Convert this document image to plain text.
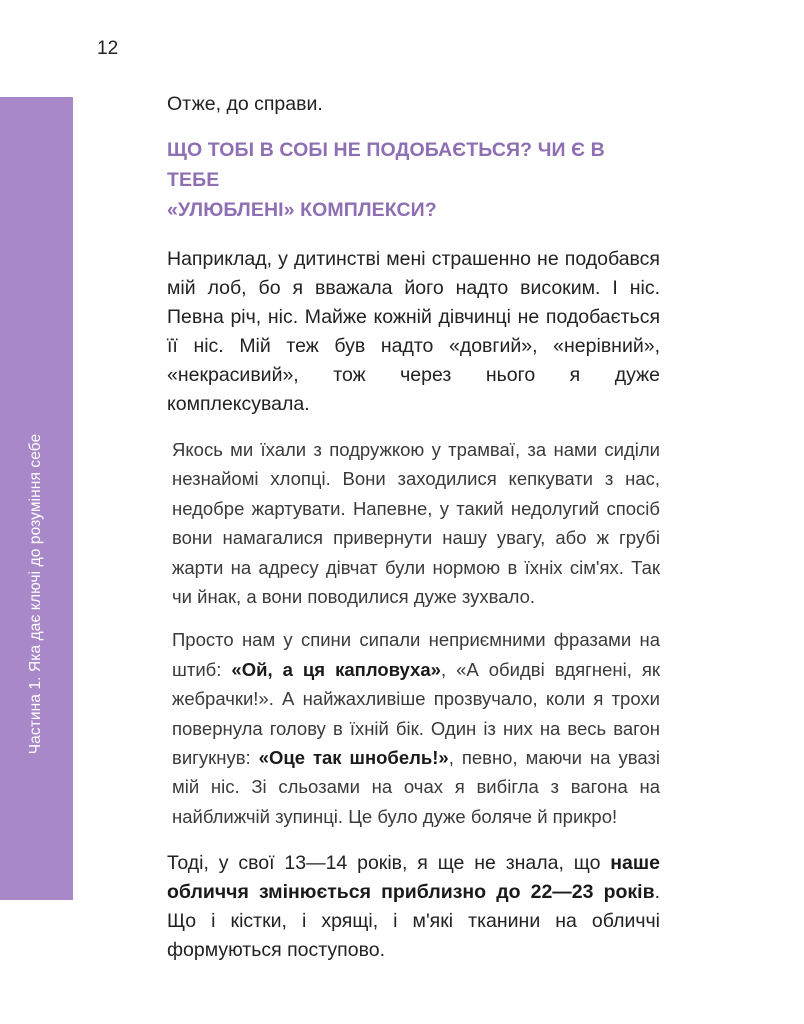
12
Частина 1. Яка дає ключі до розуміння себе

Отже, до справи.

ЩО ТОБІ В СОБІ НЕ ПОДОБАЄТЬСЯ? ЧИ Є В ТЕБЕ
«УЛЮБЛЕНІ» КОМПЛЕКСИ?

Наприклад, у дитинстві мені страшенно не подобався мій лоб, бо я вважала його надто високим. І ніс. Певна річ, ніс. Майже кожній дівчинці не подобається її ніс. Мій теж був надто «довгий», «нерівний», «некрасивий», тож через нього я дуже комплексувала.

Якось ми їхали з подружкою у трамваї, за нами сиділи незнайомі хлопці. Вони заходилися кепкувати з нас, недобре жартувати. Напевне, у такий недолугий спосіб вони намагалися привернути нашу увагу, або ж грубі жарти на адресу дівчат були нормою в їхніх сім'ях. Так чи йнак, а вони поводилися дуже зухвало.

Просто нам у спини сипали неприємними фразами на штиб: «Ой, а ця капловуха», «А обидві вдягнені, як жебрачки!». А найжахливіше прозвучало, коли я трохи повернула голову в їхній бік. Один із них на весь вагон вигукнув: «Оце так шнобель!», певно, маючи на увазі мій ніс. Зі сльозами на очах я вибігла з вагона на найближчій зупинці. Це було дуже боляче й прикро!

Тоді, у свої 13—14 років, я ще не знала, що наше обличчя змінюється приблизно до 22—23 років. Що і кістки, і хрящі, і м'які тканини на обличчі формуються поступово.
